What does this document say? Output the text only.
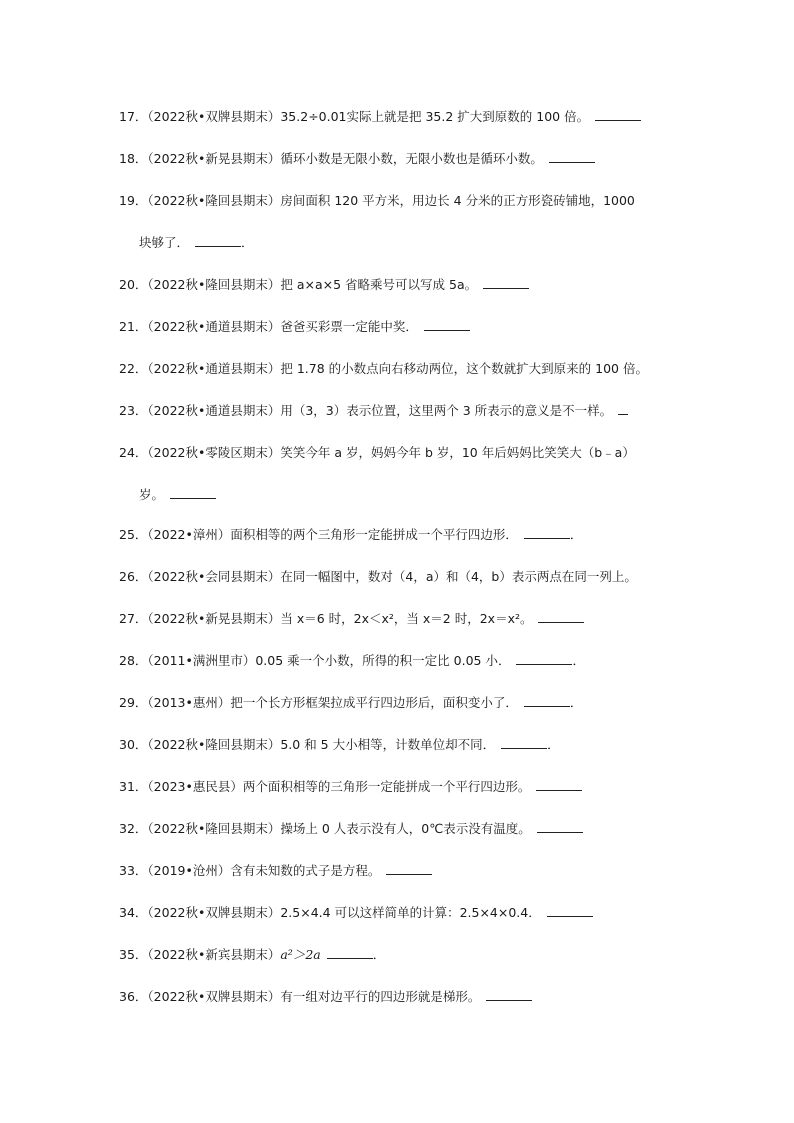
17．（2022秋•双牌县期末）35.2÷0.01实际上就是把 35.2 扩大到原数的 100 倍。
18．（2022秋•新晃县期末）循环小数是无限小数，无限小数也是循环小数。
19．（2022秋•隆回县期末）房间面积 120 平方米，用边长 4 分米的正方形瓷砖铺地，1000
块够了．	．
20．（2022秋•隆回县期末）把 a×a×5 省略乘号可以写成 5a。
21．（2022秋•通道县期末）爸爸买彩票一定能中奖．
22．（2022秋•通道县期末）把 1.78 的小数点向右移动两位，这个数就扩大到原来的 100 倍。
23．（2022秋•通道县期末）用（3，3）表示位置，这里两个 3 所表示的意义是不一样。
24．（2022秋•零陵区期末）笑笑今年 a 岁，妈妈今年 b 岁，10 年后妈妈比笑笑大（b﹣a）
岁。
25．（2022•漳州）面积相等的两个三角形一定能拼成一个平行四边形．	．
26．（2022秋•会同县期末）在同一幅图中，数对（4，a）和（4，b）表示两点在同一列上。
27．（2022秋•新晃县期末）当 x＝6 时，2x＜x²，当 x＝2 时，2x＝x²。
28．（2011•满洲里市）0.05 乘一个小数，所得的积一定比 0.05 小．	．
29．（2013•惠州）把一个长方形框架拉成平行四边形后，面积变小了．	．
30．（2022秋•隆回县期末）5.0 和 5 大小相等，计数单位却不同．	．
31．（2023•惠民县）两个面积相等的三角形一定能拼成一个平行四边形。
32．（2022秋•隆回县期末）操场上 0 人表示没有人，0℃表示没有温度。
33．（2019•沧州）含有未知数的式子是方程。
34．（2022秋•双牌县期末）2.5×4.4 可以这样简单的计算：2.5×4×0.4．
35．（2022秋•新宾县期末）a²＞2a	．
36．（2022秋•双牌县期末）有一组对边平行的四边形就是梯形。
